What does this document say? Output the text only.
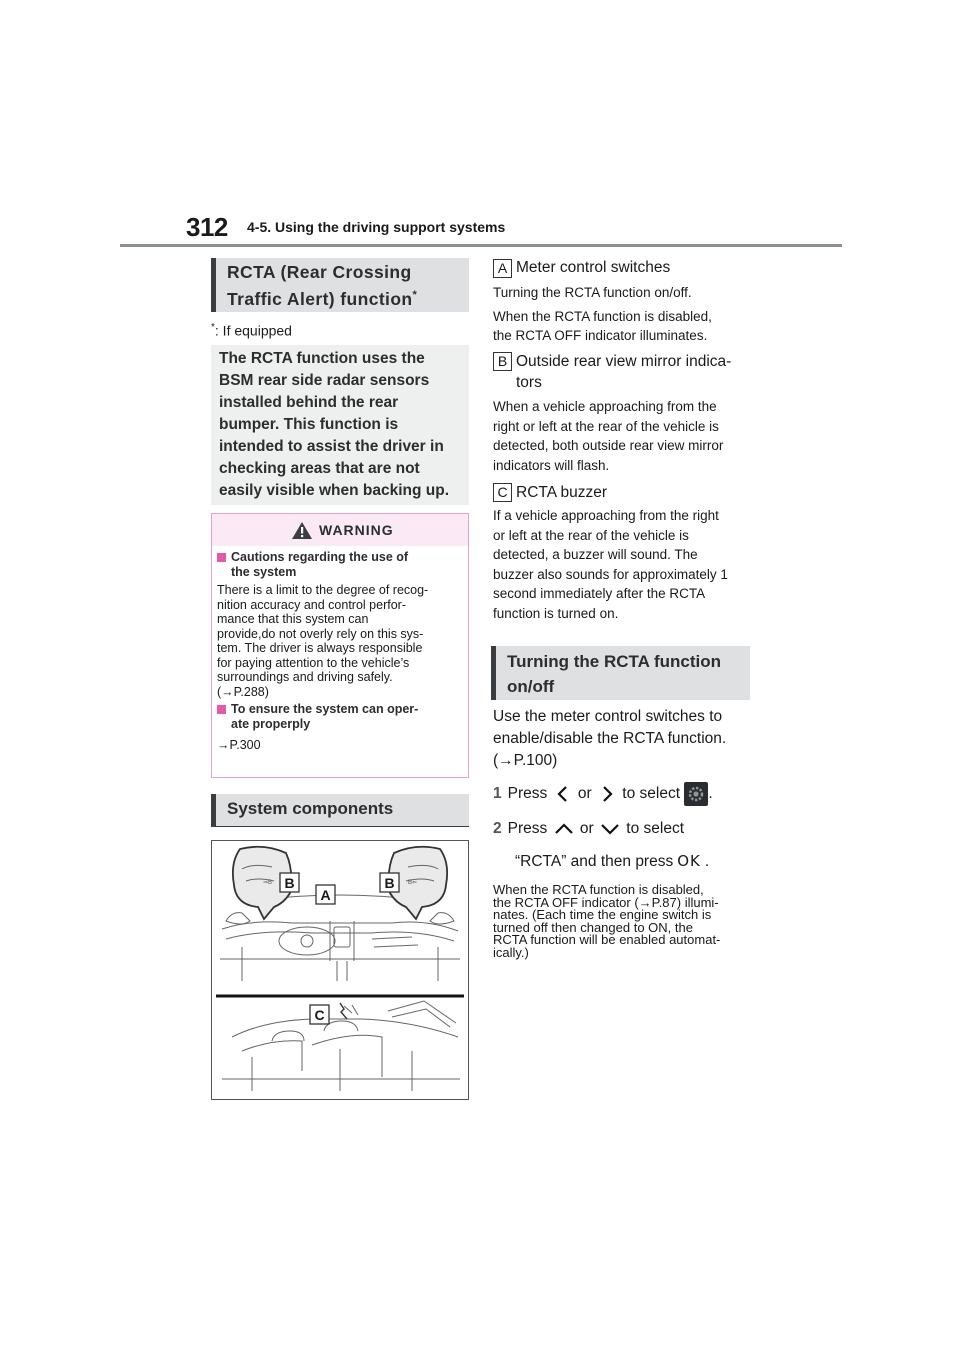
312 4-5. Using the driving support systems
RCTA (Rear Crossing
Traffic Alert) function*
*: If equipped
The RCTA function uses the
BSM rear side radar sensors
installed behind the rear
bumper. This function is
intended to assist the driver in
checking areas that are not
easily visible when backing up.
WARNING
Cautions regarding the use of
the system
There is a limit to the degree of recog-
nition accuracy and control perfor-
mance that this system can
provide,do not overly rely on this sys-
tem. The driver is always responsible
for paying attention to the vehicle’s
surroundings and driving safely.
(→P.288)
To ensure the system can oper-
ate properply
→P.300
System components
⇒B	B⇐
B
A
B
C
A Meter control switches
Turning the RCTA function on/off.
When the RCTA function is disabled,
the RCTA OFF indicator illuminates.
B Outside rear view mirror indica-
tors
When a vehicle approaching from the
right or left at the rear of the vehicle is
detected, both outside rear view mirror
indicators will flash.
C RCTA buzzer
If a vehicle approaching from the right
or left at the rear of the vehicle is
detected, a buzzer will sound. The
buzzer also sounds for approximately 1
second immediately after the RCTA
function is turned on.
Turning the RCTA function
on/off
Use the meter control switches to
enable/disable the RCTA function.
(→P.100)
1 Press or to select .
2 Press or to select
“RCTA” and then press OK .
When the RCTA function is disabled,
the RCTA OFF indicator (→P.87) illumi-
nates. (Each time the engine switch is
turned off then changed to ON, the
RCTA function will be enabled automat-
ically.)
